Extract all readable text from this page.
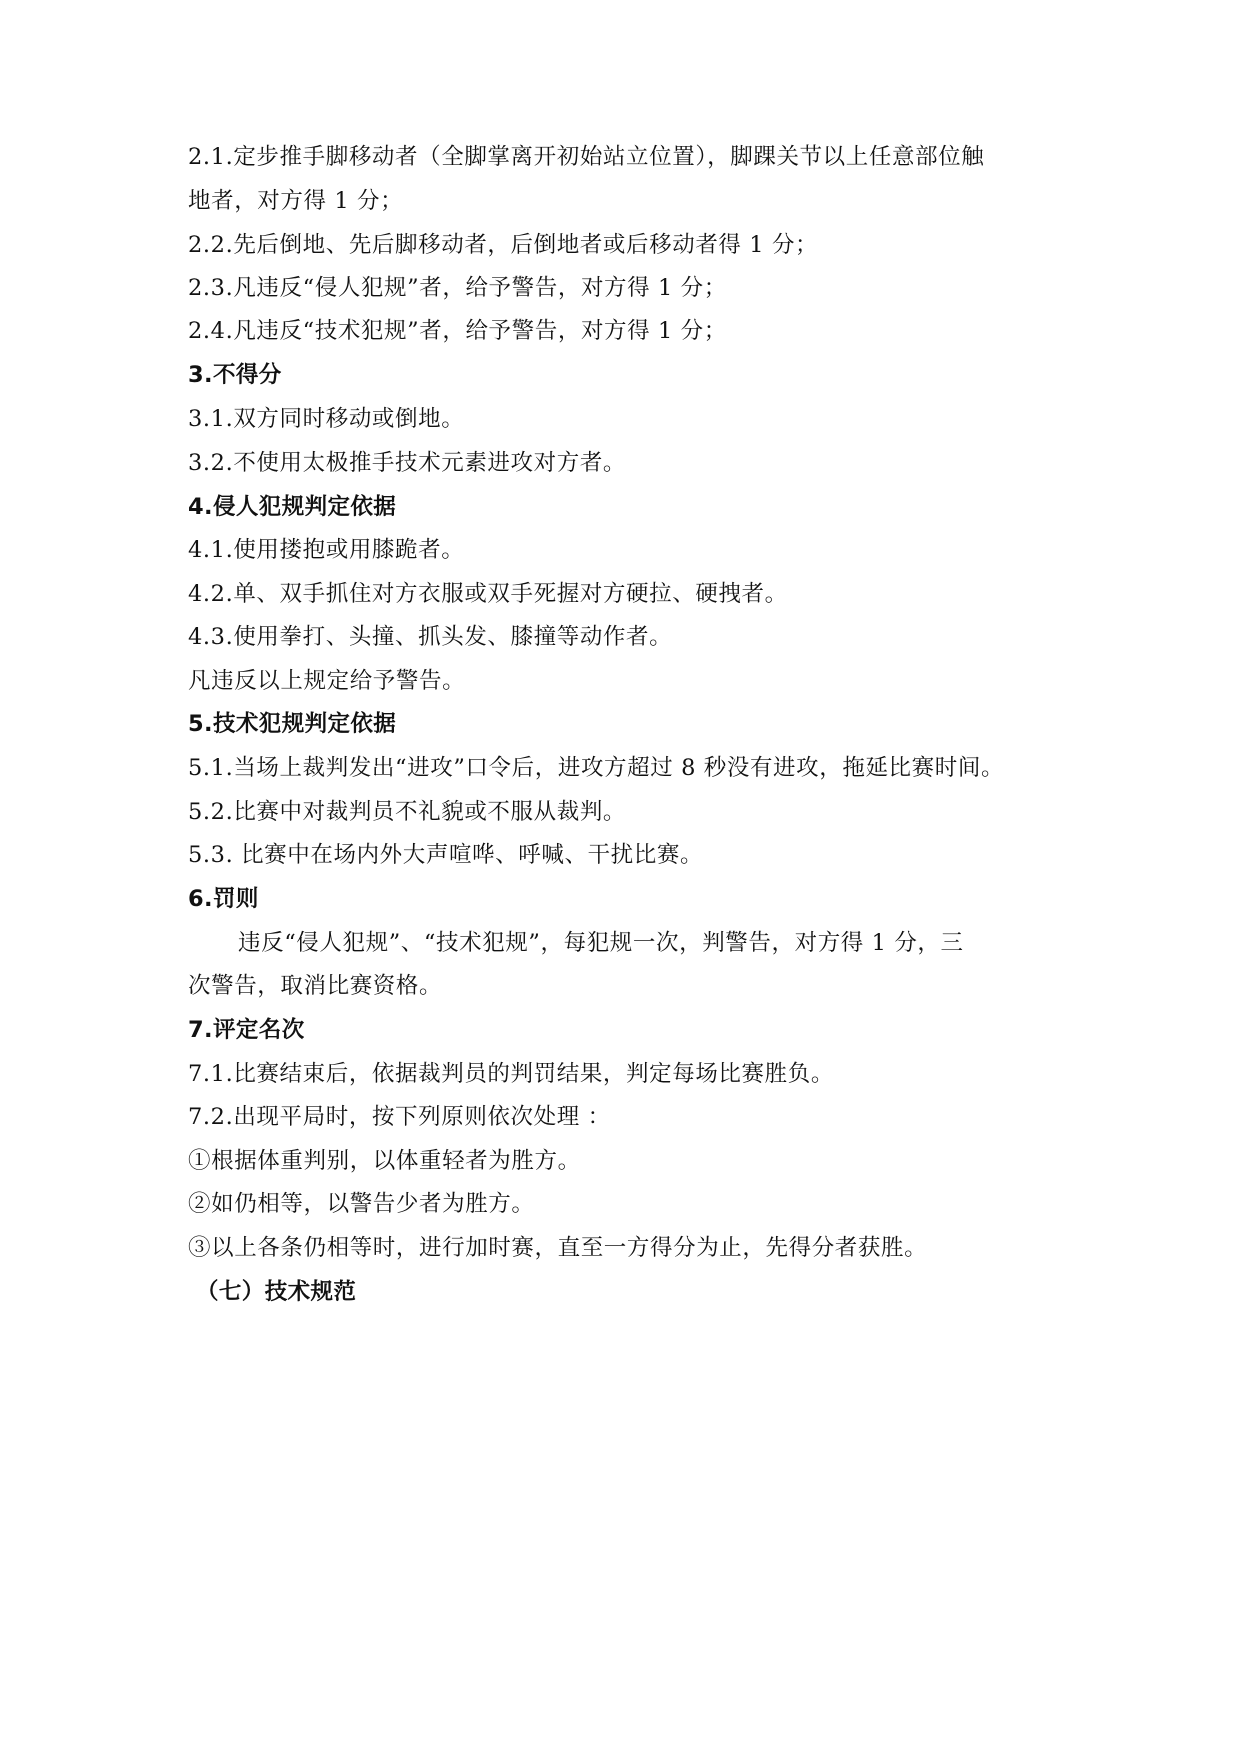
2.1.定步推手脚移动者（全脚掌离开初始站立位置），脚踝关节以上任意部位触
地者，对方得 1 分；
2.2.先后倒地、先后脚移动者，后倒地者或后移动者得 1 分；
2.3.凡违反“侵人犯规”者，给予警告，对方得 1 分；
2.4.凡违反“技术犯规”者，给予警告，对方得 1 分；
3.不得分
3.1.双方同时移动或倒地。
3.2.不使用太极推手技术元素进攻对方者。
4.侵人犯规判定依据
4.1.使用搂抱或用膝跪者。
4.2.单、双手抓住对方衣服或双手死握对方硬拉、硬拽者。
4.3.使用拳打、头撞、抓头发、膝撞等动作者。
凡违反以上规定给予警告。
5.技术犯规判定依据
5.1.当场上裁判发出“进攻”口令后，进攻方超过 8 秒没有进攻，拖延比赛时间。
5.2.比赛中对裁判员不礼貌或不服从裁判。
5.3. 比赛中在场内外大声喧哗、呼喊、干扰比赛。
6.罚则
违反“侵人犯规”、“技术犯规”，每犯规一次，判警告，对方得 1 分，三
次警告，取消比赛资格。
7.评定名次
7.1.比赛结束后，依据裁判员的判罚结果，判定每场比赛胜负。
7.2.出现平局时，按下列原则依次处理 ：
①根据体重判别，以体重轻者为胜方。
②如仍相等，以警告少者为胜方。
③以上各条仍相等时，进行加时赛，直至一方得分为止，先得分者获胜。
（七）技术规范
